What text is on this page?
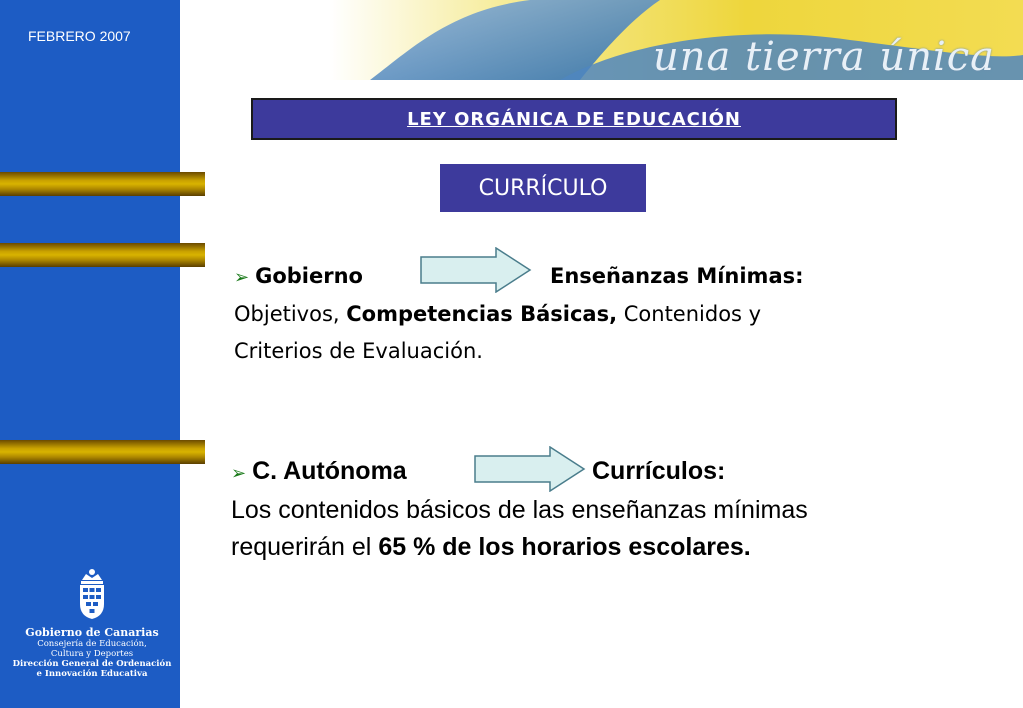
FEBRERO 2007
Gobierno de Canarias
Consejería de Educación,
Cultura y Deportes
Dirección General de Ordenación
e Innovación Educativa
una tierra única
LEY ORGÁNICA DE EDUCACIÓN
CURRÍCULO
➢ Gobierno	Enseñanzas Mínimas:
Objetivos, Competencias Básicas, Contenidos y
Criterios de Evaluación.
➢ C. Autónoma	Currículos:
Los contenidos básicos de las enseñanzas mínimas
requerirán el 65 % de los horarios escolares.
